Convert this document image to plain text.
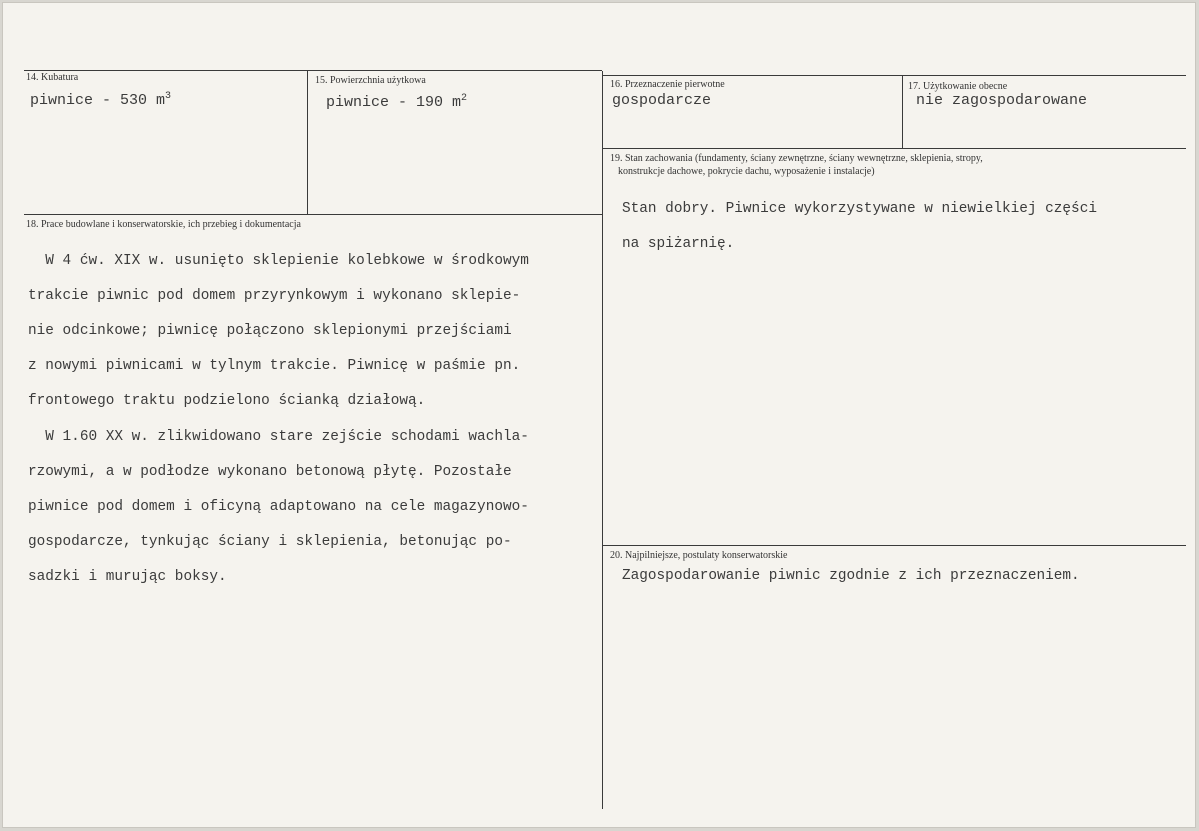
14. Kubatura
piwnice - 530 $m^3$
15. Powierzchnia użytkowa
piwnice - 190 $m^2$
16. Przeznaczenie pierwotne
gospodarcze
17. Użytkowanie obecne
nie zagospodarowane
18. Prace budowlane i konserwatorskie, ich przebieg i dokumentacja

W 4 ćw. XIX w. usunięto sklepienie kolebkowe w środkowym

trakcie piwnic pod domem przyrynkowym i wykonano sklepie-

nie odcinkowe; piwnicę połączono sklepionymi przejściami

z nowymi piwnicami w tylnym trakcie. Piwnicę w paśmie pn.

frontowego traktu podzielono ścianką działową.

W 1.60 XX w. zlikwidowano stare zejście schodami wachla-

rzowymi, a w podłodze wykonano betonową płytę. Pozostałe

piwnice pod domem i oficyną adaptowano na cele magazynowo-

gospodarcze, tynkując ściany i sklepienia, betonując po-

sadzki i murując boksy.

19. Stan zachowania (fundamenty, ściany zewnętrzne, ściany wewnętrzne, sklepienia, stropy,
konstrukcje dachowe, pokrycie dachu, wyposażenie i instalacje)

Stan dobry. Piwnice wykorzystywane w niewielkiej części

na spiżarnię.

20. Najpilniejsze, postulaty konserwatorskie
Zagospodarowanie piwnic zgodnie z ich przeznaczeniem.
